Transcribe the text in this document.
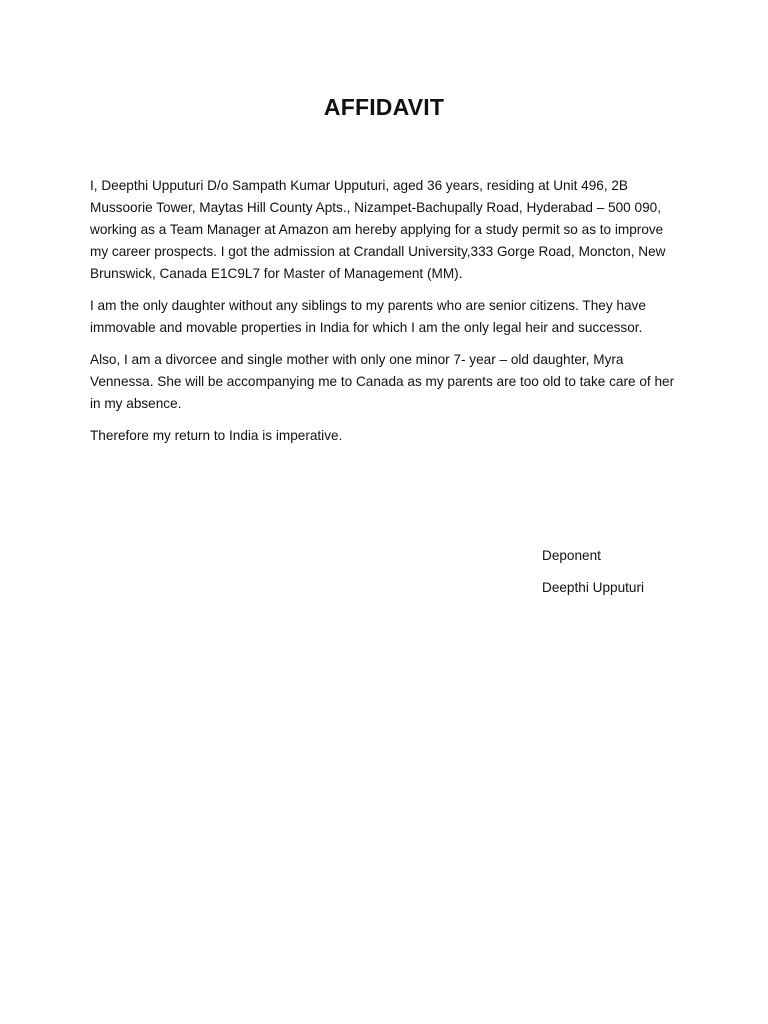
AFFIDAVIT

I, Deepthi Upputuri D/o Sampath Kumar Upputuri, aged 36 years, residing at Unit 496, 2B Mussoorie Tower, Maytas Hill County Apts., Nizampet-Bachupally Road, Hyderabad – 500 090, working as a Team Manager at Amazon am hereby applying for a study permit so as to improve my career prospects. I got the admission at Crandall University,333 Gorge Road, Moncton, New Brunswick, Canada E1C9L7 for Master of Management (MM).

I am the only daughter without any siblings to my parents who are senior citizens. They have immovable and movable properties in India for which I am the only legal heir and successor.

Also, I am a divorcee and single mother with only one minor 7- year – old daughter, Myra Vennessa. She will be accompanying me to Canada as my parents are too old to take care of her in my absence.

Therefore my return to India is imperative.

Deponent

Deepthi Upputuri
